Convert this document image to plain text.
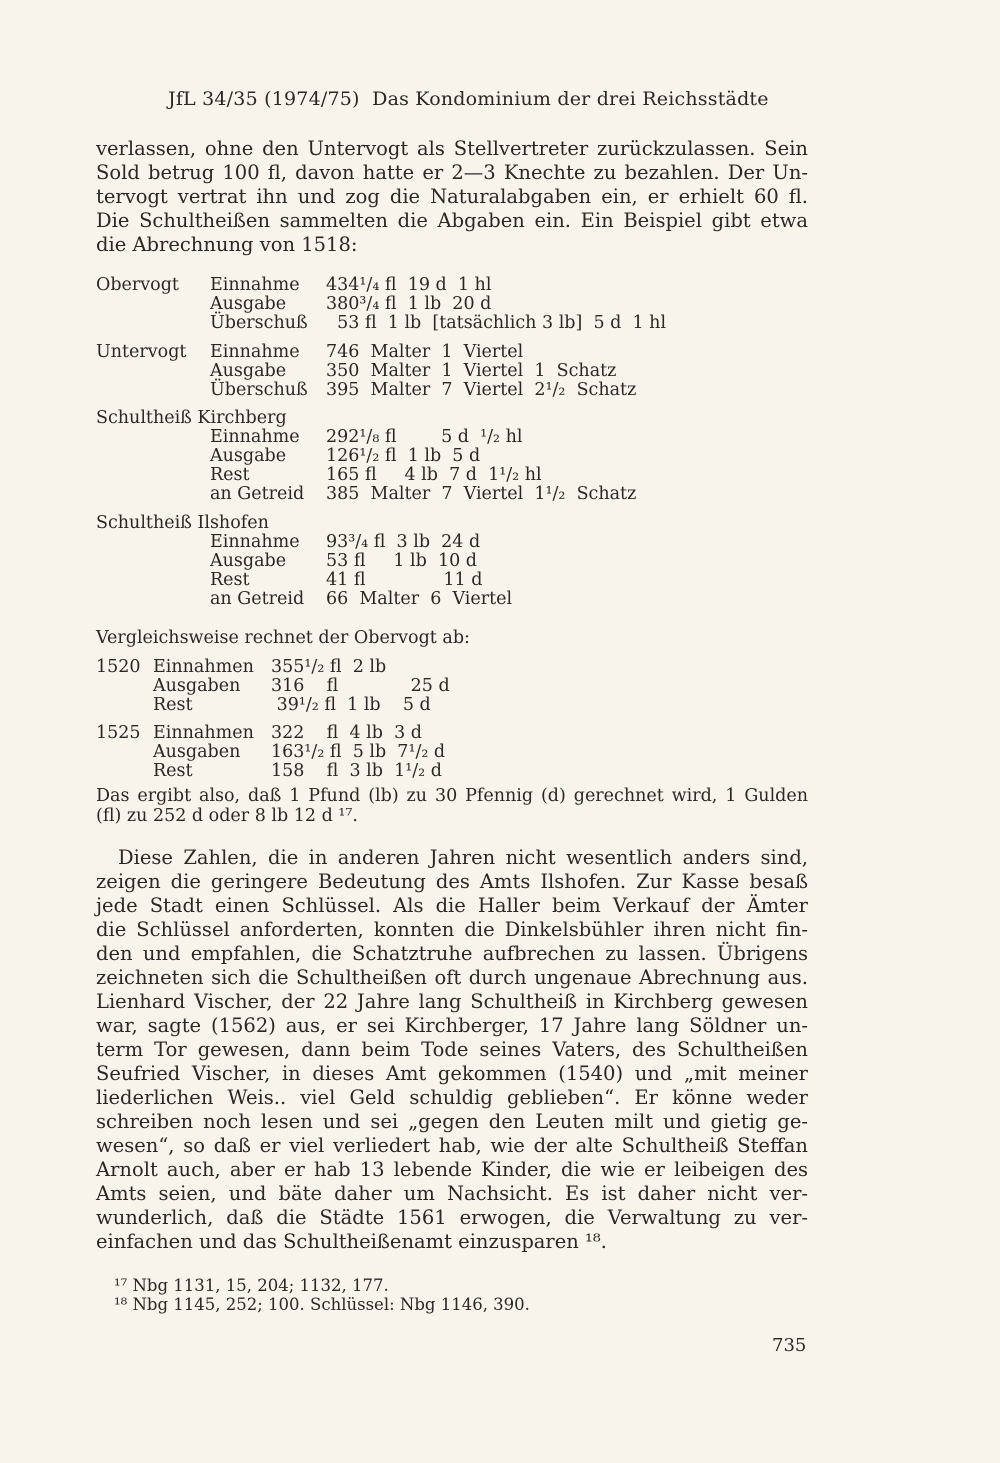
JfL 34/35 (1974/75) Das Kondominium der drei Reichsstädte
verlassen, ohne den Untervogt als Stellvertreter zurückzulassen. Sein
Sold betrug 100 fl, davon hatte er 2—3 Knechte zu bezahlen. Der Un-
tervogt vertrat ihn und zog die Naturalabgaben ein, er erhielt 60 fl.
Die Schultheißen sammelten die Abgaben ein. Ein Beispiel gibt etwa
die Abrechnung von 1518:
Obervogt Einnahme 434¹/₄ fl  19 d  1 hl
Ausgabe 380³/₄ fl  1 lb  20 d
Überschuß 53 fl  1 lb  [tatsächlich 3 lb]  5 d  1 hl
Untervogt Einnahme 746  Malter  1  Viertel
Ausgabe 350  Malter  1  Viertel  1  Schatz
Überschuß 395  Malter  7  Viertel  2¹/₂  Schatz
Schultheiß Kirchberg
Einnahme 292¹/₈ fl        5 d  ¹/₂ hl
Ausgabe 126¹/₂ fl  1 lb  5 d
Rest	165 fl     4 lb  7 d  1¹/₂ hl
an Getreid 385  Malter  7  Viertel  1¹/₂  Schatz
Schultheiß Ilshofen
Einnahme 93³/₄ fl  3 lb  24 d
Ausgabe 53 fl     1 lb  10 d
Rest	41 fl              11 d
an Getreid 66  Malter  6  Viertel
Vergleichsweise rechnet der Obervogt ab:
1520 Einnahmen 355¹/₂ fl  2 lb
Ausgaben 316    fl             25 d
Rest	39¹/₂ fl  1 lb    5 d
1525 Einnahmen 322    fl  4 lb  3 d
Ausgaben 163¹/₂ fl  5 lb  7¹/₂ d
Rest	158    fl  3 lb  1¹/₂ d
Das ergibt also, daß 1 Pfund (lb) zu 30 Pfennig (d) gerechnet wird, 1 Gulden
(fl) zu 252 d oder 8 lb 12 d ¹⁷.
Diese Zahlen, die in anderen Jahren nicht wesentlich anders sind,
zeigen die geringere Bedeutung des Amts Ilshofen. Zur Kasse besaß
jede Stadt einen Schlüssel. Als die Haller beim Verkauf der Ämter
die Schlüssel anforderten, konnten die Dinkelsbühler ihren nicht fin-
den und empfahlen, die Schatztruhe aufbrechen zu lassen. Übrigens
zeichneten sich die Schultheißen oft durch ungenaue Abrechnung aus.
Lienhard Vischer, der 22 Jahre lang Schultheiß in Kirchberg gewesen
war, sagte (1562) aus, er sei Kirchberger, 17 Jahre lang Söldner un-
term Tor gewesen, dann beim Tode seines Vaters, des Schultheißen
Seufried Vischer, in dieses Amt gekommen (1540) und „mit meiner
liederlichen Weis.. viel Geld schuldig geblieben“. Er könne weder
schreiben noch lesen und sei „gegen den Leuten milt und gietig ge-
wesen“, so daß er viel verliedert hab, wie der alte Schultheiß Steffan
Arnolt auch, aber er hab 13 lebende Kinder, die wie er leibeigen des
Amts seien, und bäte daher um Nachsicht. Es ist daher nicht ver-
wunderlich, daß die Städte 1561 erwogen, die Verwaltung zu ver-
einfachen und das Schultheißenamt einzusparen ¹⁸.
¹⁷ Nbg 1131, 15, 204; 1132, 177.
¹⁸ Nbg 1145, 252; 100. Schlüssel: Nbg 1146, 390.
735
